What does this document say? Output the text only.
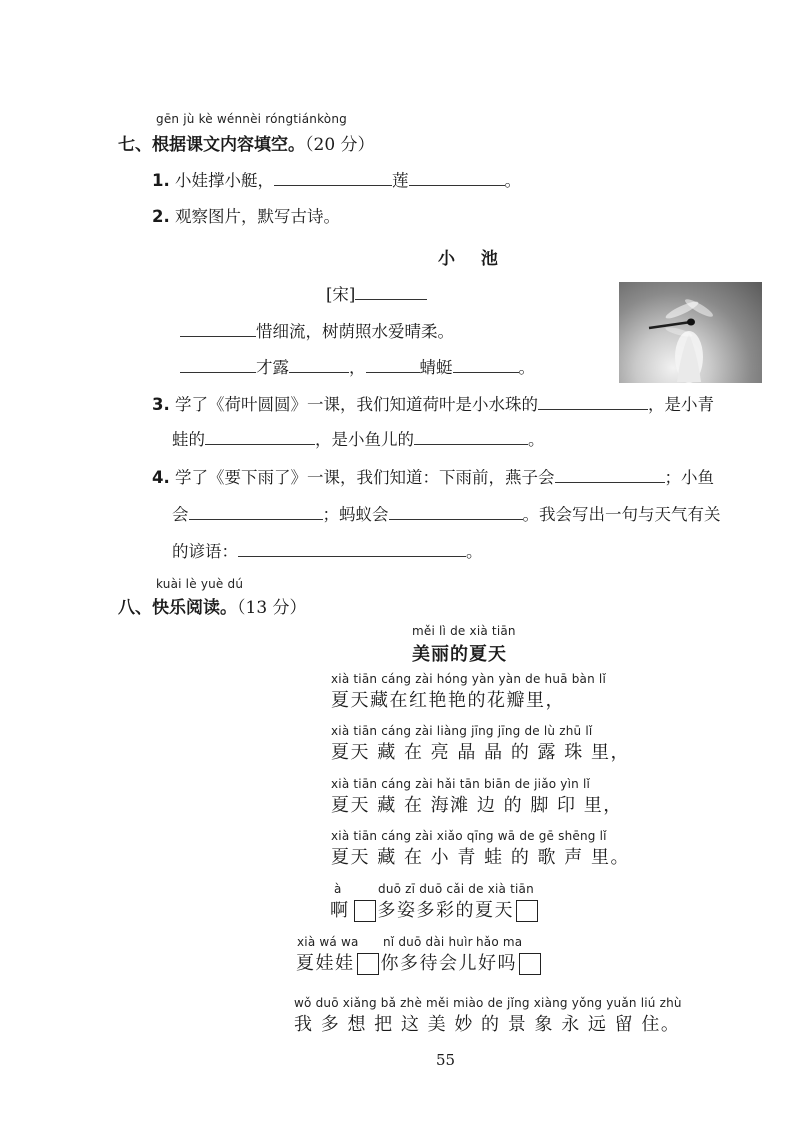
gēn jù kè wénnèi róngtiánkòng
七、根据课文内容填空。（20 分）
1. 小娃撑小艇，	莲	。
2. 观察图片，默写古诗。
小 池
[宋]
惜细流，树荫照水爱晴柔。
才露	，	蜻蜓	。
3. 学了《荷叶圆圆》一课，我们知道荷叶是小水珠的	，是小青
蛙的	，是小鱼儿的	。
4. 学了《要下雨了》一课，我们知道：下雨前，燕子会	；小鱼
会	；蚂蚁会	。我会写出一句与天气有关
的谚语：	。
kuài lè yuè dú
八、快乐阅读。（13 分）
měi lì de xià tiān
美丽的夏天
xià tiān cáng zài hóng yàn yàn de huā bàn lǐ
夏天藏在红艳艳的花瓣里，
xià tiān cáng zài liàng jīng jīng de lù zhū lǐ
夏天 藏 在 亮 晶 晶 的 露 珠 里，
xià tiān cáng zài hǎi tān biān de jiǎo yìn lǐ
夏天 藏 在 海滩 边 的 脚 印 里，
xià tiān cáng zài xiǎo qīng wā de gē shēng lǐ
夏天 藏 在 小 青 蛙 的 歌 声 里。
à	duō zī duō cǎi de xià tiān
啊 多姿多彩的夏天
xià wá wa nǐ duō dài huìr hǎo ma
夏娃娃 你多待会儿好吗
wǒ duō xiǎng bǎ zhè měi miào de jǐng xiàng yǒng yuǎn liú zhù
我 多 想 把 这 美 妙 的 景 象 永 远 留 住。
55
